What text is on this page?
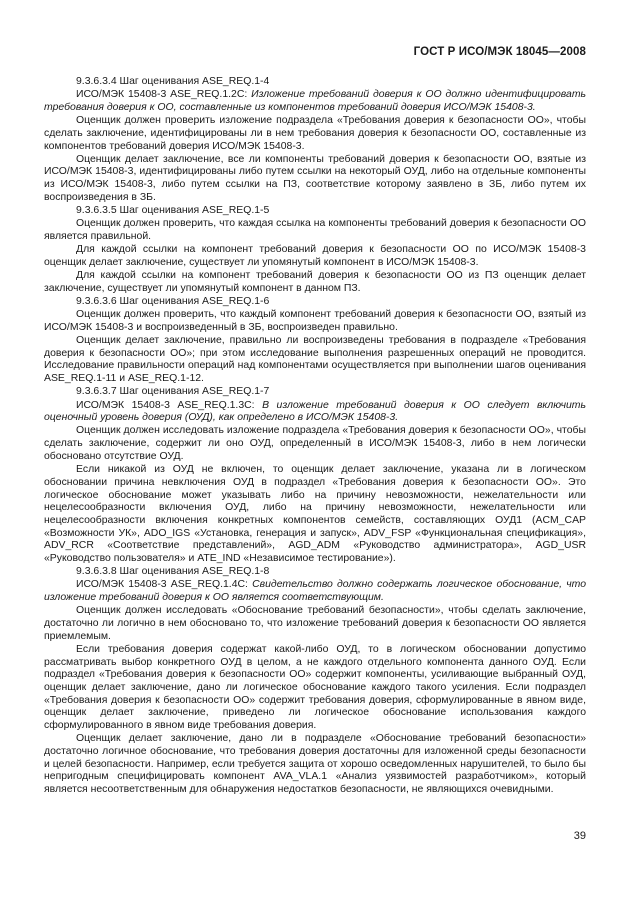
ГОСТ Р ИСО/МЭК 18045—2008

9.3.6.3.4 Шаг оценивания ASE_REQ.1-4

ИСО/МЭК 15408-3 ASE_REQ.1.2C: Изложение требований доверия к ОО должно идентифицировать требования доверия к ОО, составленные из компонентов требований доверия ИСО/МЭК 15408-3.

Оценщик должен проверить изложение подраздела «Требования доверия к безопасности ОО», чтобы сделать заключение, идентифицированы ли в нем требования доверия к безопасности ОО, составленные из компонентов требований доверия ИСО/МЭК 15408-3.

Оценщик делает заключение, все ли компоненты требований доверия к безопасности ОО, взятые из ИСО/МЭК 15408-3, идентифицированы либо путем ссылки на некоторый ОУД, либо на отдельные компоненты из ИСО/МЭК 15408-3, либо путем ссылки на ПЗ, соответствие которому заявлено в ЗБ, либо путем их воспроизведения в ЗБ.

9.3.6.3.5 Шаг оценивания ASE_REQ.1-5

Оценщик должен проверить, что каждая ссылка на компоненты требований доверия к безопасности ОО является правильной.

Для каждой ссылки на компонент требований доверия к безопасности ОО по ИСО/МЭК 15408-3 оценщик делает заключение, существует ли упомянутый компонент в ИСО/МЭК 15408-3.

Для каждой ссылки на компонент требований доверия к безопасности ОО из ПЗ оценщик делает заключение, существует ли упомянутый компонент в данном ПЗ.

9.3.6.3.6 Шаг оценивания ASE_REQ.1-6

Оценщик должен проверить, что каждый компонент требований доверия к безопасности ОО, взятый из ИСО/МЭК 15408-3 и воспроизведенный в ЗБ, воспроизведен правильно.

Оценщик делает заключение, правильно ли воспроизведены требования в подразделе «Требования доверия к безопасности ОО»; при этом исследование выполнения разрешенных операций не проводится. Исследование правильности операций над компонентами осуществляется при выполнении шагов оценивания ASE_REQ.1-11 и ASE_REQ.1-12.

9.3.6.3.7 Шаг оценивания ASE_REQ.1-7

ИСО/МЭК 15408-3 ASE_REQ.1.3C: В изложение требований доверия к ОО следует включить оценочный уровень доверия (ОУД), как определено в ИСО/МЭК 15408-3.

Оценщик должен исследовать изложение подраздела «Требования доверия к безопасности ОО», чтобы сделать заключение, содержит ли оно ОУД, определенный в ИСО/МЭК 15408-3, либо в нем логически обосновано отсутствие ОУД.

Если никакой из ОУД не включен, то оценщик делает заключение, указана ли в логическом обосновании причина невключения ОУД в подраздел «Требования доверия к безопасности ОО». Это логическое обоснование может указывать либо на причину невозможности, нежелательности или нецелесообразности включения ОУД, либо на причину невозможности, нежелательности или нецелесообразности включения конкретных компонентов семейств, составляющих ОУД1 (ACM_CAP «Возможности УК», ADO_IGS «Установка, генерация и запуск», ADV_FSP «Функциональная спецификация», ADV_RCR «Соответствие представлений», AGD_ADM «Руководство администратора», AGD_USR «Руководство пользователя» и ATE_IND «Независимое тестирование»).

9.3.6.3.8 Шаг оценивания ASE_REQ.1-8

ИСО/МЭК 15408-3 ASE_REQ.1.4C: Свидетельство должно содержать логическое обоснование, что изложение требований доверия к ОО является соответствующим.

Оценщик должен исследовать «Обоснование требований безопасности», чтобы сделать заключение, достаточно ли логично в нем обосновано то, что изложение требований доверия к безопасности ОО является приемлемым.

Если требования доверия содержат какой-либо ОУД, то в логическом обосновании допустимо рассматривать выбор конкретного ОУД в целом, а не каждого отдельного компонента данного ОУД. Если подраздел «Требования доверия к безопасности ОО» содержит компоненты, усиливающие выбранный ОУД, оценщик делает заключение, дано ли логическое обоснование каждого такого усиления. Если подраздел «Требования доверия к безопасности ОО» содержит требования доверия, сформулированные в явном виде, оценщик делает заключение, приведено ли логическое обоснование использования каждого сформулированного в явном виде требования доверия.

Оценщик делает заключение, дано ли в подразделе «Обоснование требований безопасности» достаточно логичное обоснование, что требования доверия достаточны для изложенной среды безопасности и целей безопасности. Например, если требуется защита от хорошо осведомленных нарушителей, то было бы непригодным специфицировать компонент AVA_VLA.1 «Анализ уязвимостей разработчиком», который является несоответственным для обнаружения недостатков безопасности, не являющихся очевидными.

39
